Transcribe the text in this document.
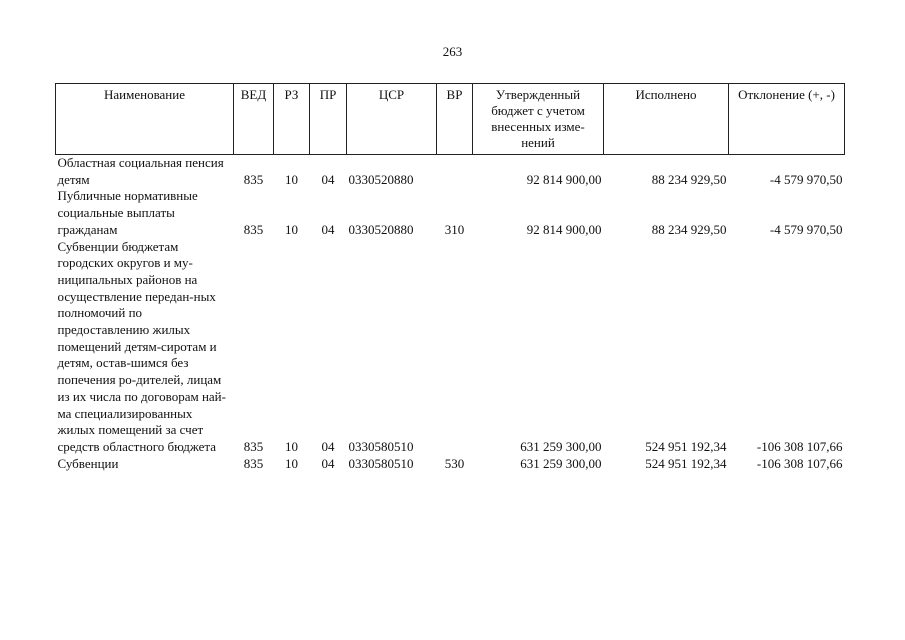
263
Наименование	ВЕД	РЗ	ПР	ЦСР	ВР	Утвержденный бюджет с учетом внесенных изме-нений	Исполнено	Отклонение (+, -)
Областная социальная пенсия детям	835	10	04	0330520880		92 814 900,00	88 234 929,50	-4 579 970,50
Публичные нормативные социальные выплаты гражданам	835	10	04	0330520880	310	92 814 900,00	88 234 929,50	-4 579 970,50
Субвенции бюджетам городских округов и му-ниципальных районов на осуществление передан-ных полномочий по предоставлению жилых помещений детям-сиротам и детям, остав-шимся без попечения ро-дителей, лицам из их числа по договорам най-ма специализированных жилых помещений за счет средств областного бюджета	835	10	04	0330580510		631 259 300,00	524 951 192,34	-106 308 107,66
Субвенции	835	10	04	0330580510	530	631 259 300,00	524 951 192,34	-106 308 107,66
